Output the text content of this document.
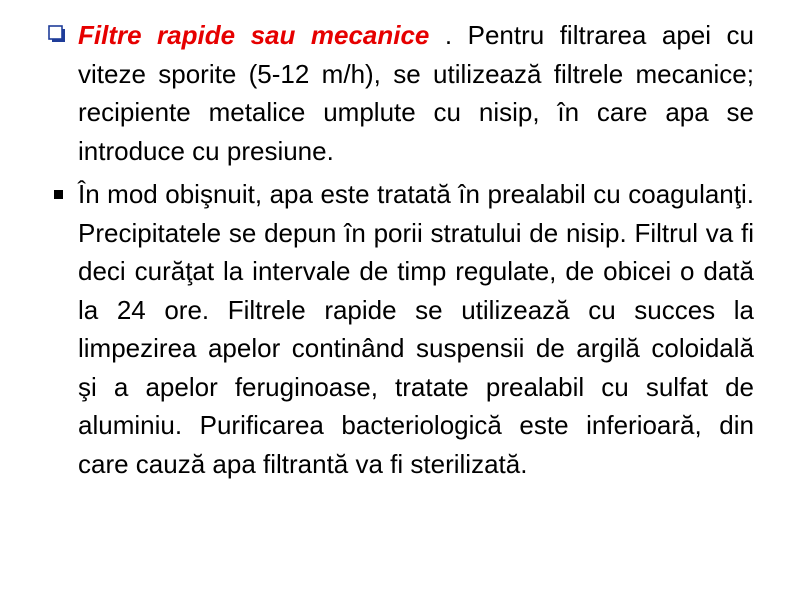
Filtre rapide sau mecanice . Pentru filtrarea apei cu viteze sporite (5-12 m/h), se utilizează filtrele mecanice; recipiente metalice umplute cu nisip, în care apa se introduce cu presiune.
În mod obişnuit, apa este tratată în prealabil cu coagulanţi. Precipitatele se depun în porii stratului de nisip. Filtrul va fi deci curăţat la intervale de timp regulate, de obicei o dată la 24 ore. Filtrele rapide se utilizează cu succes la limpezirea apelor continând suspensii de argilă coloidală şi a apelor feruginoase, tratate prealabil cu sulfat de aluminiu. Purificarea bacteriologică este inferioară, din care cauză apa filtrantă va fi sterilizată.
